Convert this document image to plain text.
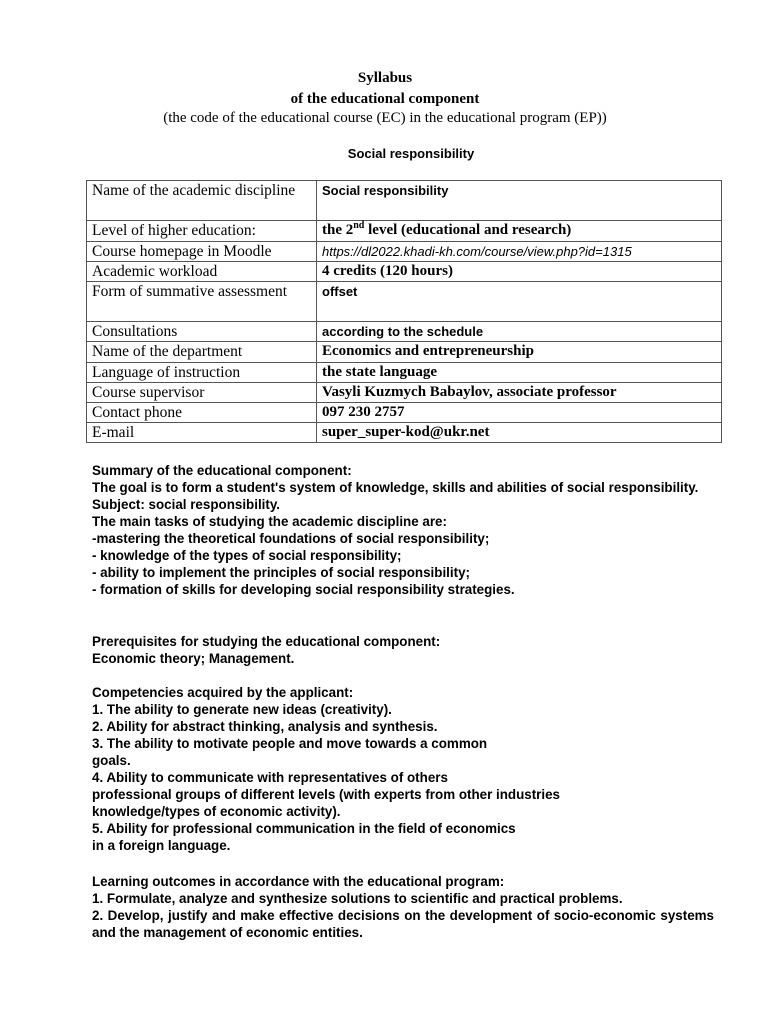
Syllabus
of the educational component
(the code of the educational course (EC) in the educational program (EP))
Social responsibility
Name of the academic discipline	Social responsibility
Level of higher education:	the 2nd level (educational and research)
Course homepage in Moodle	https://dl2022.khadi-kh.com/course/view.php?id=1315
Academic workload	4 credits (120 hours)
Form of summative assessment	offset
Consultations	according to the schedule
Name of the department	Economics and entrepreneurship
Language of instruction	the state language
Course supervisor	Vasyli Kuzmych Babaylov, associate professor
Contact phone	097 230 2757
E-mail	super_super-kod@ukr.net

Summary of the educational component:

The goal is to form a student's system of knowledge, skills and abilities of social responsibility.

Subject: social responsibility.

The main tasks of studying the academic discipline are:

-mastering the theoretical foundations of social responsibility;

- knowledge of the types of social responsibility;

- ability to implement the principles of social responsibility;

- formation of skills for developing social responsibility strategies.

Prerequisites for studying the educational component:

Economic theory; Management.

Competencies acquired by the applicant:

1. The ability to generate new ideas (creativity).

2. Ability for abstract thinking, analysis and synthesis.

3. The ability to motivate people and move towards a common

goals.

4. Ability to communicate with representatives of others

professional groups of different levels (with experts from other industries

knowledge/types of economic activity).

5. Ability for professional communication in the field of economics

in a foreign language.

Learning outcomes in accordance with the educational program:

1. Formulate, analyze and synthesize solutions to scientific and practical problems.

2. Develop, justify and make effective decisions on the development of socio-economic systems and the management of economic entities.
